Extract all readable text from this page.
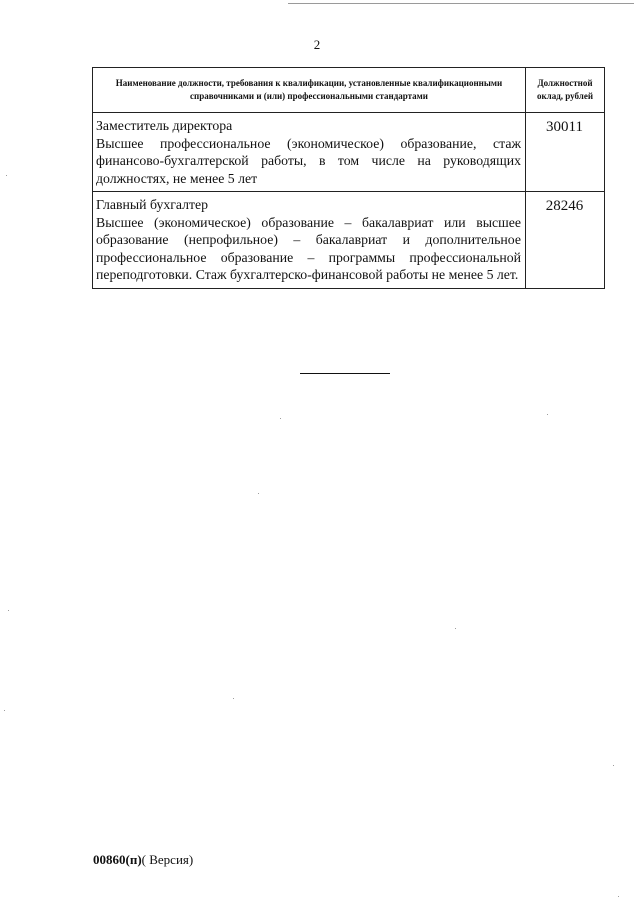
2
Наименование должности, требования к квалификации, установленные квалификационными справочниками и (или) профессиональными стандартами	Должностной оклад, рублей

Заместитель директора
Высшее профессиональное (экономическое) образование, стаж финансово-бухгалтерской работы, в том числе на руководящих должностях, не менее 5 лет	30011

Главный бухгалтер
Высшее (экономическое) образование – бакалавриат или высшее образование (непрофильное) – бакалавриат и дополнительное профессиональное образование – программы профессиональной переподготовки. Стаж бухгалтерско-финансовой работы не менее 5 лет.	28246
00860(п)( Версия)
